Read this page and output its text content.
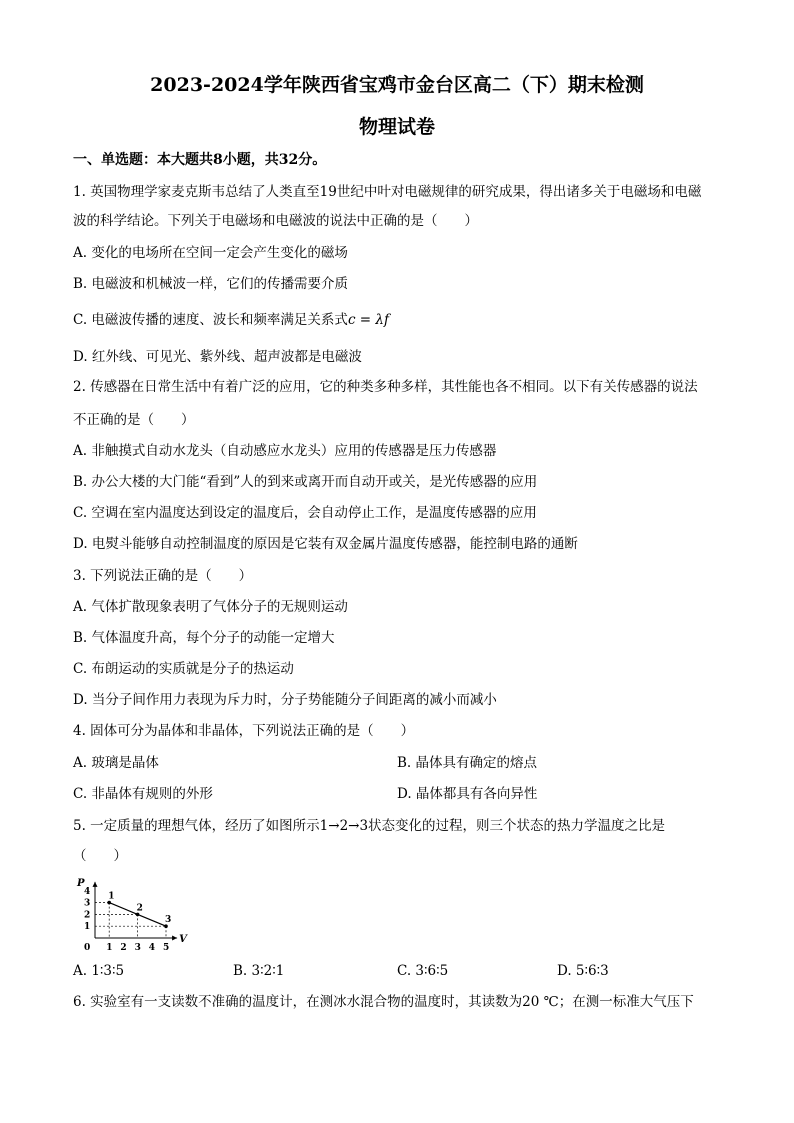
2023-2024学年陕西省宝鸡市金台区高二（下）期末检测
物理试卷
一、单选题：本大题共8小题，共32分。
1. 英国物理学家麦克斯韦总结了人类直至19世纪中叶对电磁规律的研究成果，得出诸多关于电磁场和电磁
波的科学结论。下列关于电磁场和电磁波的说法中正确的是（　　）
A. 变化的电场所在空间一定会产生变化的磁场
B. 电磁波和机械波一样，它们的传播需要介质
C. 电磁波传播的速度、波长和频率满足关系式c = λf
D. 红外线、可见光、紫外线、超声波都是电磁波
2. 传感器在日常生活中有着广泛的应用，它的种类多种多样，其性能也各不相同。以下有关传感器的说法
不正确的是（　　）
A. 非触摸式自动水龙头（自动感应水龙头）应用的传感器是压力传感器
B. 办公大楼的大门能“看到”人的到来或离开而自动开或关，是光传感器的应用
C. 空调在室内温度达到设定的温度后，会自动停止工作，是温度传感器的应用
D. 电熨斗能够自动控制温度的原因是它装有双金属片温度传感器，能控制电路的通断
3. 下列说法正确的是（　　）
A. 气体扩散现象表明了气体分子的无规则运动
B. 气体温度升高，每个分子的动能一定增大
C. 布朗运动的实质就是分子的热运动
D. 当分子间作用力表现为斥力时，分子势能随分子间距离的减小而减小
4. 固体可分为晶体和非晶体，下列说法正确的是（　　）
A. 玻璃是晶体	B. 晶体具有确定的熔点
C. 非晶体有规则的外形	D. 晶体都具有各向异性
5. 一定质量的理想气体，经历了如图所示1→2→3状态变化的过程，则三个状态的热力学温度之比是
（　　）
V
P
0 1 2 3 4 5
1
2
3
4 1
2
3
A. 1∶3∶5	B. 3∶2∶1	C. 3∶6∶5	D. 5∶6∶3
6. 实验室有一支读数不准确的温度计，在测冰水混合物的温度时，其读数为20 ℃；在测一标准大气压下
